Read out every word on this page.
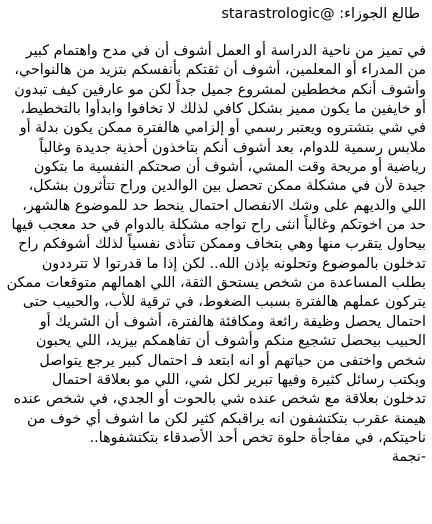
طالع الجوزاء: starastrologic@
في تميز من ناحية الدراسة أو العمل أشوف أن في مدح واهتمام كبير من المدراء أو المعلمين، أشوف أن ثقتكم بأنفسكم بتزيد من هالنواحي، وأشوف أنكم مخططين لمشروع جميل جداً لكن مو عارفين كيف تبدون أو خايفين ما يكون مميز بشكل كافي لذلك لا تخافوا وابدأوا بالتخطيط، في شي بتشتروه ويعتبر رسمي أو إلزامي هالفترة ممكن يكون بدلة أو ملابس رسمية للدوام، بعد أشوف أنكم بتاخذون أحذية جديدة وغالباً رياضية أو مريحة وقت المشي، أشوف أن صحتكم النفسية ما بتكون جيدة لأن في مشكلة ممكن تحصل بين الوالدين وراح تتأثرون بشكل، اللي والديهم على وشك الانفصال احتمال ينحط حد للموضوع هالشهر، حد من اخوتكم وغالباً انثى راح تواجه مشكلة بالدوام في حد معجب فيها بيحاول يتقرب منها وهي بتخاف وممكن تتأذى نفسياً لذلك أشوفكم راح تدخلون بالموضوع وتحلونه بإذن الله.. لكن إذا ما قدرتوا لا تترددون بطلب المساعدة من شخص يستحق الثقة، اللي اهمالهم متوقعات ممكن يتركون عملهم هالفترة بسبب الضغوط، في ترقية للأب، والحبيب حتى احتمال يحصل وظيفة رائعة ومكافئة هالفترة، أشوف أن الشريك أو الحبيب بيحصل تشجيع منكم وأشوف أن تفاهمكم بيزيد، اللي يحبون شخص واختفى من حياتهم أو انه ابتعد فـ احتمال كبير يرجع يتواصل ويكتب رسائل كثيرة وفيها تبرير لكل شي، اللي مو بعلاقة احتمال تدخلون بعلاقة مع شخص عنده شي بالحوت أو الجدي، في شخص عنده هيمنة عقرب بتكتشفون انه يراقبكم كثير لكن ما اشوف أي خوف من ناحيتكم، في مفاجأة حلوة تخص أحد الأصدقاء بتكتشفوها..
-نجمة
